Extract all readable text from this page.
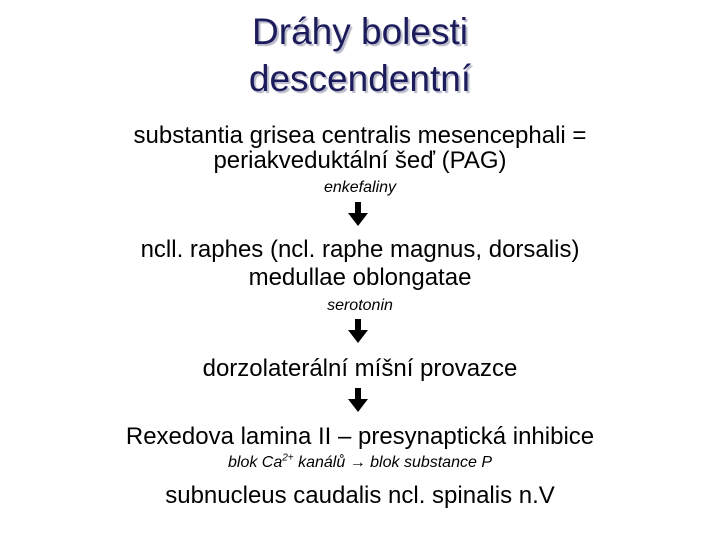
Dráhy bolesti
descendentní
substantia grisea centralis mesencephali =
periakveduktální šeď (PAG)
enkefaliny
ncll. raphes (ncl. raphe magnus, dorsalis)
medullae oblongatae
serotonin
dorzolaterální míšní provazce
Rexedova lamina II – presynaptická inhibice
blok $Ca^{2+}$ kanálů → blok substance P
subnucleus caudalis ncl. spinalis n.V
